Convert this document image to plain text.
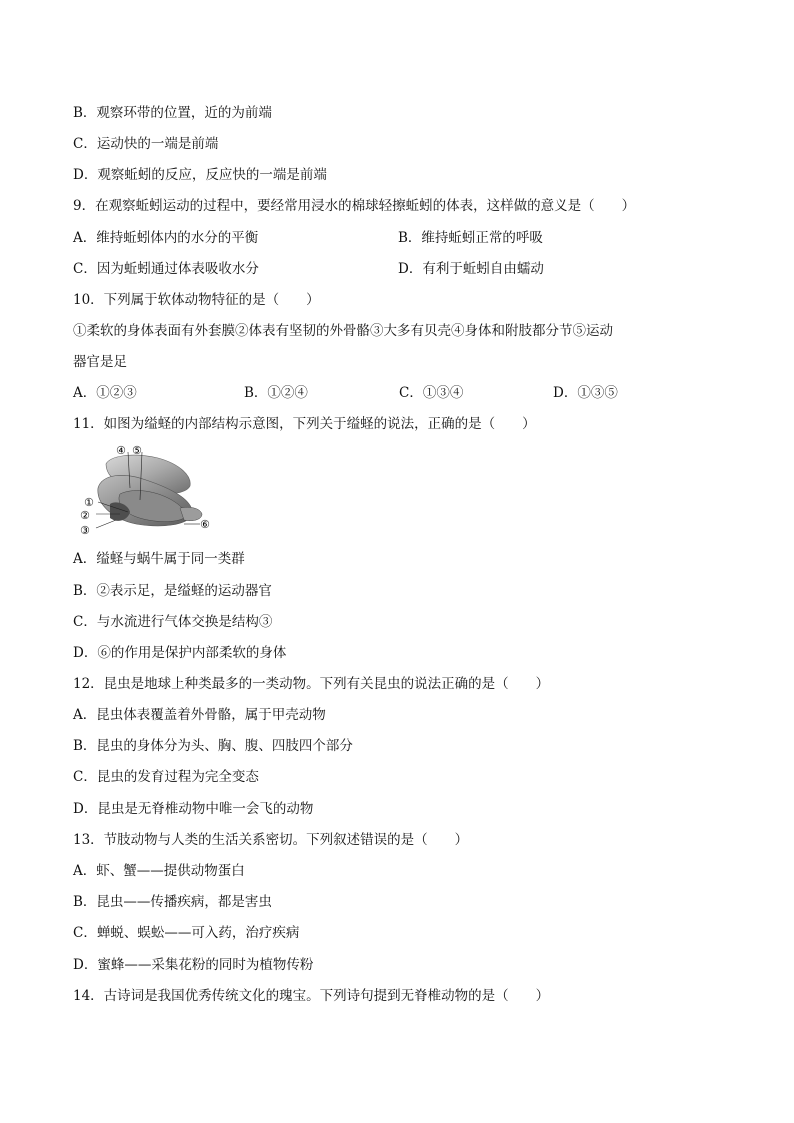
B．观察环带的位置，近的为前端
C．运动快的一端是前端
D．观察蚯蚓的反应，反应快的一端是前端
9．在观察蚯蚓运动的过程中，要经常用浸水的棉球轻擦蚯蚓的体表，这样做的意义是（　　）
A．维持蚯蚓体内的水分的平衡	B．维持蚯蚓正常的呼吸
C．因为蚯蚓通过体表吸收水分	D．有利于蚯蚓自由蠕动
10．下列属于软体动物特征的是（　　）
①柔软的身体表面有外套膜②体表有坚韧的外骨骼③大多有贝壳④身体和附肢都分节⑤运动
器官是足
A．①②③	B．①②④	C．①③④	D．①③⑤
11．如图为缢蛏的内部结构示意图，下列关于缢蛏的说法，正确的是（　　）
④ ⑤
①
②
③	⑥
A．缢蛏与蜗牛属于同一类群
B．②表示足，是缢蛏的运动器官
C．与水流进行气体交换是结构③
D．⑥的作用是保护内部柔软的身体
12．昆虫是地球上种类最多的一类动物。下列有关昆虫的说法正确的是（　　）
A．昆虫体表覆盖着外骨骼，属于甲壳动物
B．昆虫的身体分为头、胸、腹、四肢四个部分
C．昆虫的发育过程为完全变态
D．昆虫是无脊椎动物中唯一会飞的动物
13．节肢动物与人类的生活关系密切。下列叙述错误的是（　　）
A．虾、蟹——提供动物蛋白
B．昆虫——传播疾病，都是害虫
C．蝉蜕、蜈蚣——可入药，治疗疾病
D．蜜蜂——采集花粉的同时为植物传粉
14．古诗词是我国优秀传统文化的瑰宝。下列诗句提到无脊椎动物的是（　　）
